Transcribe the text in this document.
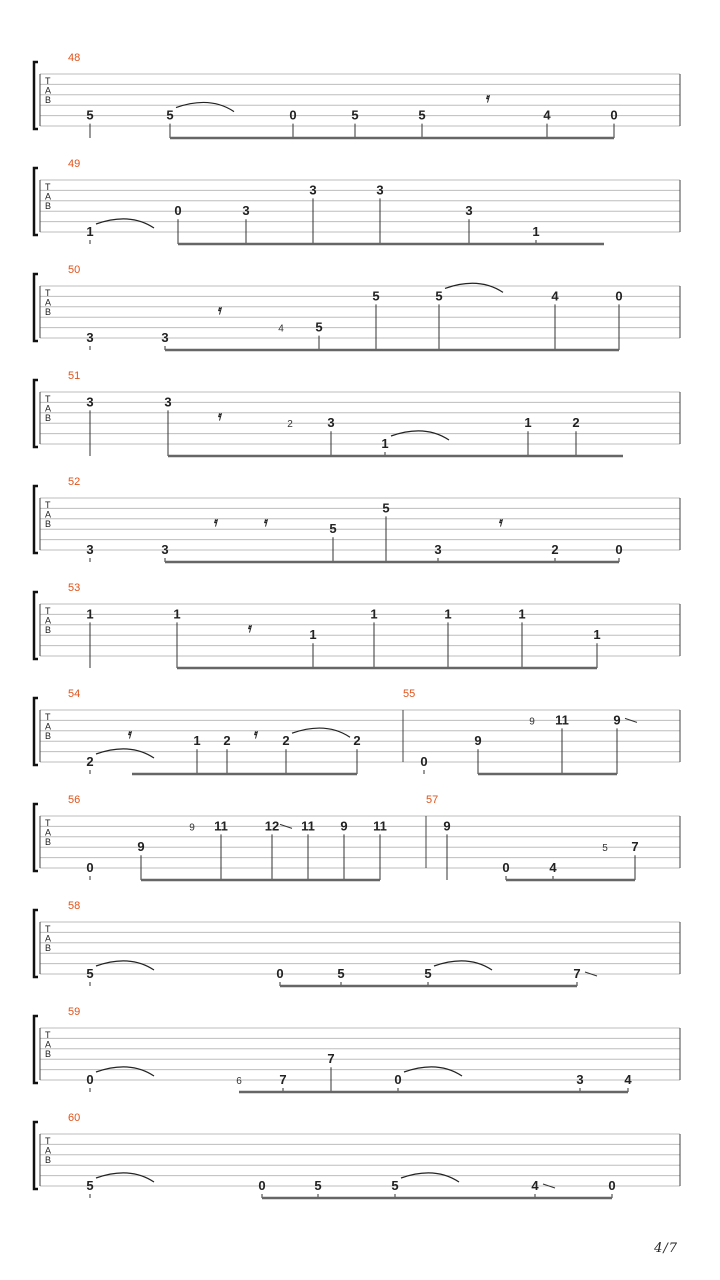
T
A
B
48
5	5	0	5	5
𝄿
4	0
T
A
B
49
1
0	3
3	3
3
1
T
A
B
50
3	3
𝄿
4 5
5	5	4	0
T
A
B
51
3	3
𝄿
2	3
1
1	2
T
A
B
52
3	3
𝄿	𝄿	5
5
3
𝄿
2	0
T
A
B
53
1	1
𝄿	1
1	1	1
1
T
A
B
54
2
𝄿	1 2 𝄿 2	2
55
0
9
9 11	9
T
A
B
56
0
9
9 11	12 11 9 11
57
9
0	4
5 7
T
A
B
58
5	0	5	5	7
T
A
B
59
0	6	7
7
0	3	4
T
A
B
60
5	0	5	5	4	0
4/7
